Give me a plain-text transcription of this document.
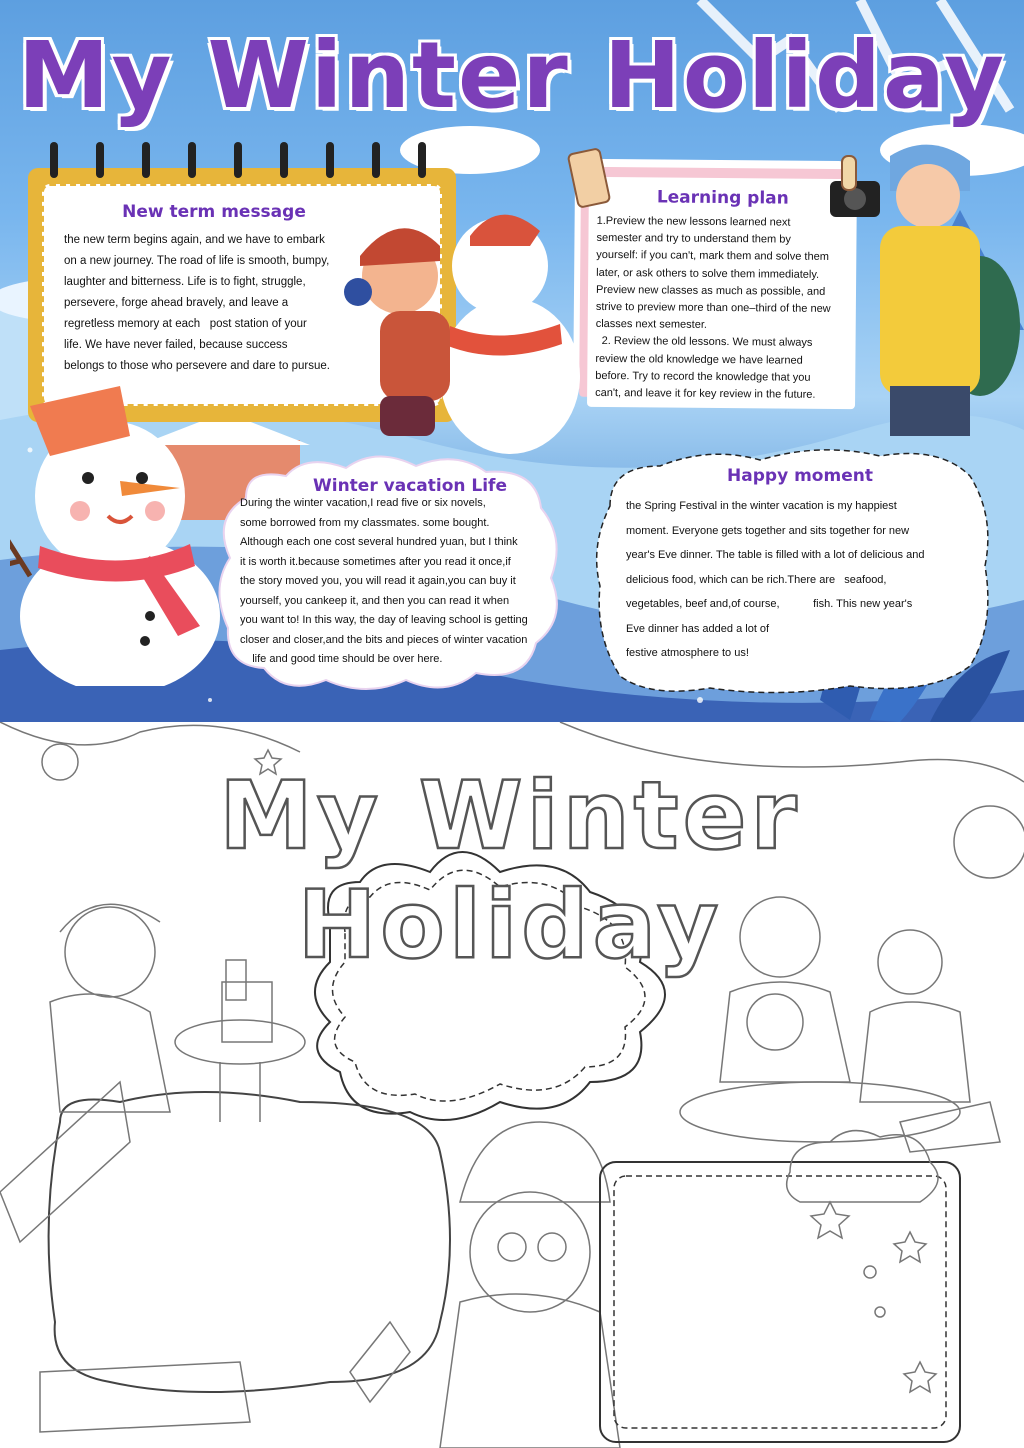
My Winter Holiday
New term message
the new term begins again, and we have to embark
on a new journey. The road of life is smooth, bumpy,
laughter and bitterness. Life is to fight, struggle,
persevere, forge ahead bravely, and leave a
regretless memory at each   post station of your
life. We have never failed, because success
belongs to those who persevere and dare to pursue.
Learning plan
1.Preview the new lessons learned next
semester and try to understand them by
yourself: if you can't, mark them and solve them
later, or ask others to solve them immediately.
Preview new classes as much as possible, and
strive to preview more than one–third of the new
classes next semester.
2. Review the old lessons. We must always
review the old knowledge we have learned
before. Try to record the knowledge that you
can't, and leave it for key review in the future.
Winter vacation Life
During the winter vacation,I read five or six novels,
some borrowed from my classmates. some bought.
Although each one cost several hundred yuan, but I think
it is worth it.because sometimes after you read it once,if
the story moved you, you will read it again,you can buy it
yourself, you cankeep it, and then you can read it when
you want to! In this way, the day of leaving school is getting
closer and closer,and the bits and pieces of winter vacation
life and good time should be over here.
Happy moment
the Spring Festival in the winter vacation is my happiest
moment. Everyone gets together and sits together for new
year's Eve dinner. The table is filled with a lot of delicious and
delicious food, which can be rich.There are   seafood,
vegetables, beef and,of course,           fish. This new year's
Eve dinner has added a lot of
festive atmosphere to us!
My Winter Holiday
